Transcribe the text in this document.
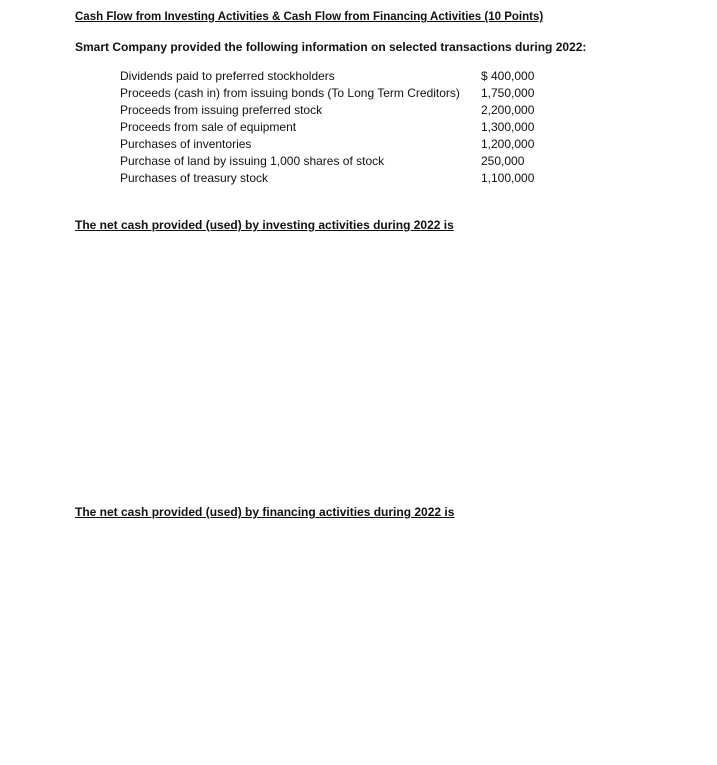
Cash Flow from Investing Activities & Cash Flow from Financing Activities (10 Points)
Smart Company provided the following information on selected transactions during 2022:
Dividends paid to preferred stockholders	$ 400,000
Proceeds (cash in) from issuing bonds (To Long Term Creditors) 1,750,000
Proceeds from issuing preferred stock	2,200,000
Proceeds from sale of equipment	1,300,000
Purchases of inventories	1,200,000
Purchase of land by issuing 1,000 shares of stock	250,000
Purchases of treasury stock	1,100,000
The net cash provided (used) by investing activities during 2022 is
The net cash provided (used) by financing activities during 2022 is
